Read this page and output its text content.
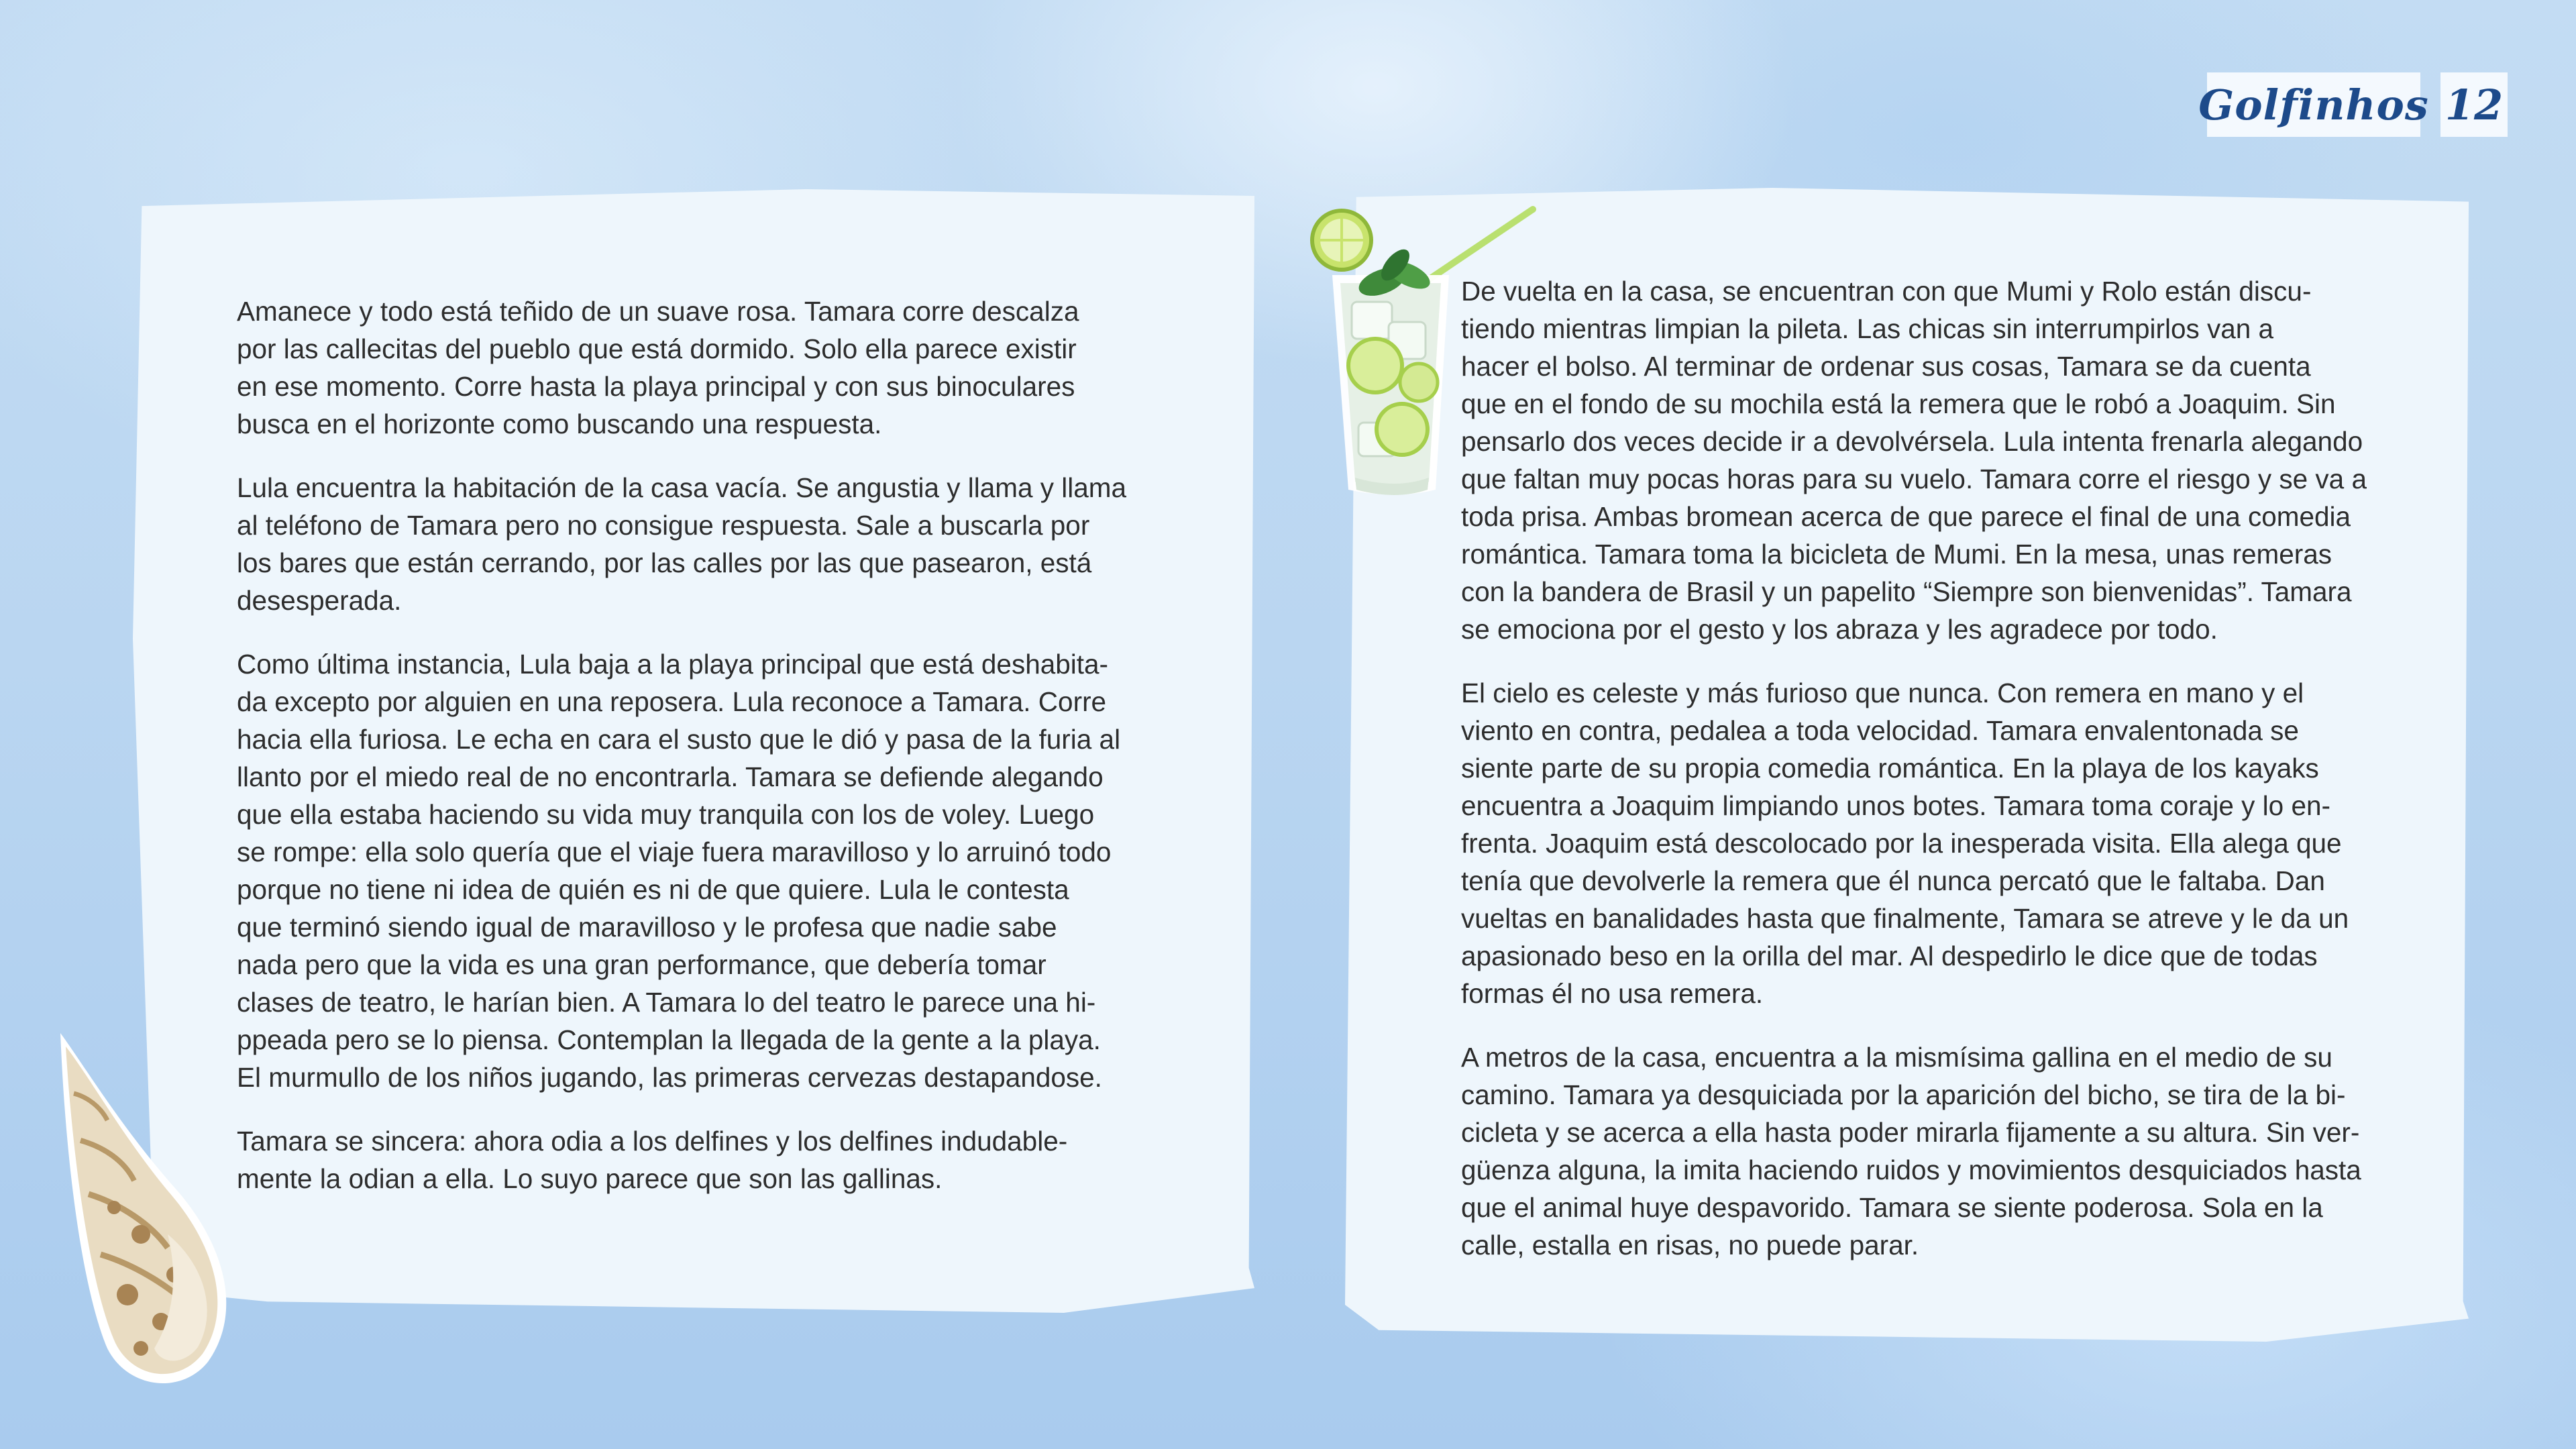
Golfinhos 12

Amanece y todo está teñido de un suave rosa. Tamara corre descalza
por las callecitas del pueblo que está dormido. Solo ella parece existir
en ese momento. Corre hasta la playa principal y con sus binoculares
busca en el horizonte como buscando una respuesta.

Lula encuentra la habitación de la casa vacía. Se angustia y llama y llama
al teléfono de Tamara pero no consigue respuesta. Sale a buscarla por
los bares que están cerrando, por las calles por las que pasearon, está
desesperada.

Como última instancia, Lula baja a la playa principal que está deshabita-
da excepto por alguien en una reposera. Lula reconoce a Tamara. Corre
hacia ella furiosa. Le echa en cara el susto que le dió y pasa de la furia al
llanto por el miedo real de no encontrarla. Tamara se defiende alegando
que ella estaba haciendo su vida muy tranquila con los de voley. Luego
se rompe: ella solo quería que el viaje fuera maravilloso y lo arruinó todo
porque no tiene ni idea de quién es ni de que quiere. Lula le contesta
que terminó siendo igual de maravilloso y le profesa que nadie sabe
nada pero que la vida es una gran performance, que debería tomar
clases de teatro, le harían bien. A Tamara lo del teatro le parece una hi-
ppeada pero se lo piensa. Contemplan la llegada de la gente a la playa.
El murmullo de los niños jugando, las primeras cervezas destapandose.

Tamara se sincera: ahora odia a los delfines y los delfines indudable-
mente la odian a ella. Lo suyo parece que son las gallinas.

De vuelta en la casa, se encuentran con que Mumi y Rolo están discu-
tiendo mientras limpian la pileta. Las chicas sin interrumpirlos van a
hacer el bolso. Al terminar de ordenar sus cosas, Tamara se da cuenta
que en el fondo de su mochila está la remera que le robó a Joaquim. Sin
pensarlo dos veces decide ir a devolvérsela. Lula intenta frenarla alegando
que faltan muy pocas horas para su vuelo. Tamara corre el riesgo y se va a
toda prisa. Ambas bromean acerca de que parece el final de una comedia
romántica. Tamara toma la bicicleta de Mumi. En la mesa, unas remeras
con la bandera de Brasil y un papelito “Siempre son bienvenidas”. Tamara
se emociona por el gesto y los abraza y les agradece por todo.

El cielo es celeste y más furioso que nunca. Con remera en mano y el
viento en contra, pedalea a toda velocidad. Tamara envalentonada se
siente parte de su propia comedia romántica. En la playa de los kayaks
encuentra a Joaquim limpiando unos botes. Tamara toma coraje y lo en-
frenta. Joaquim está descolocado por la inesperada visita. Ella alega que
tenía que devolverle la remera que él nunca percató que le faltaba. Dan
vueltas en banalidades hasta que finalmente, Tamara se atreve y le da un
apasionado beso en la orilla del mar. Al despedirlo le dice que de todas
formas él no usa remera.

A metros de la casa, encuentra a la mismísima gallina en el medio de su
camino. Tamara ya desquiciada por la aparición del bicho, se tira de la bi-
cicleta y se acerca a ella hasta poder mirarla fijamente a su altura. Sin ver-
güenza alguna, la imita haciendo ruidos y movimientos desquiciados hasta
que el animal huye despavorido. Tamara se siente poderosa. Sola en la
calle, estalla en risas, no puede parar.
